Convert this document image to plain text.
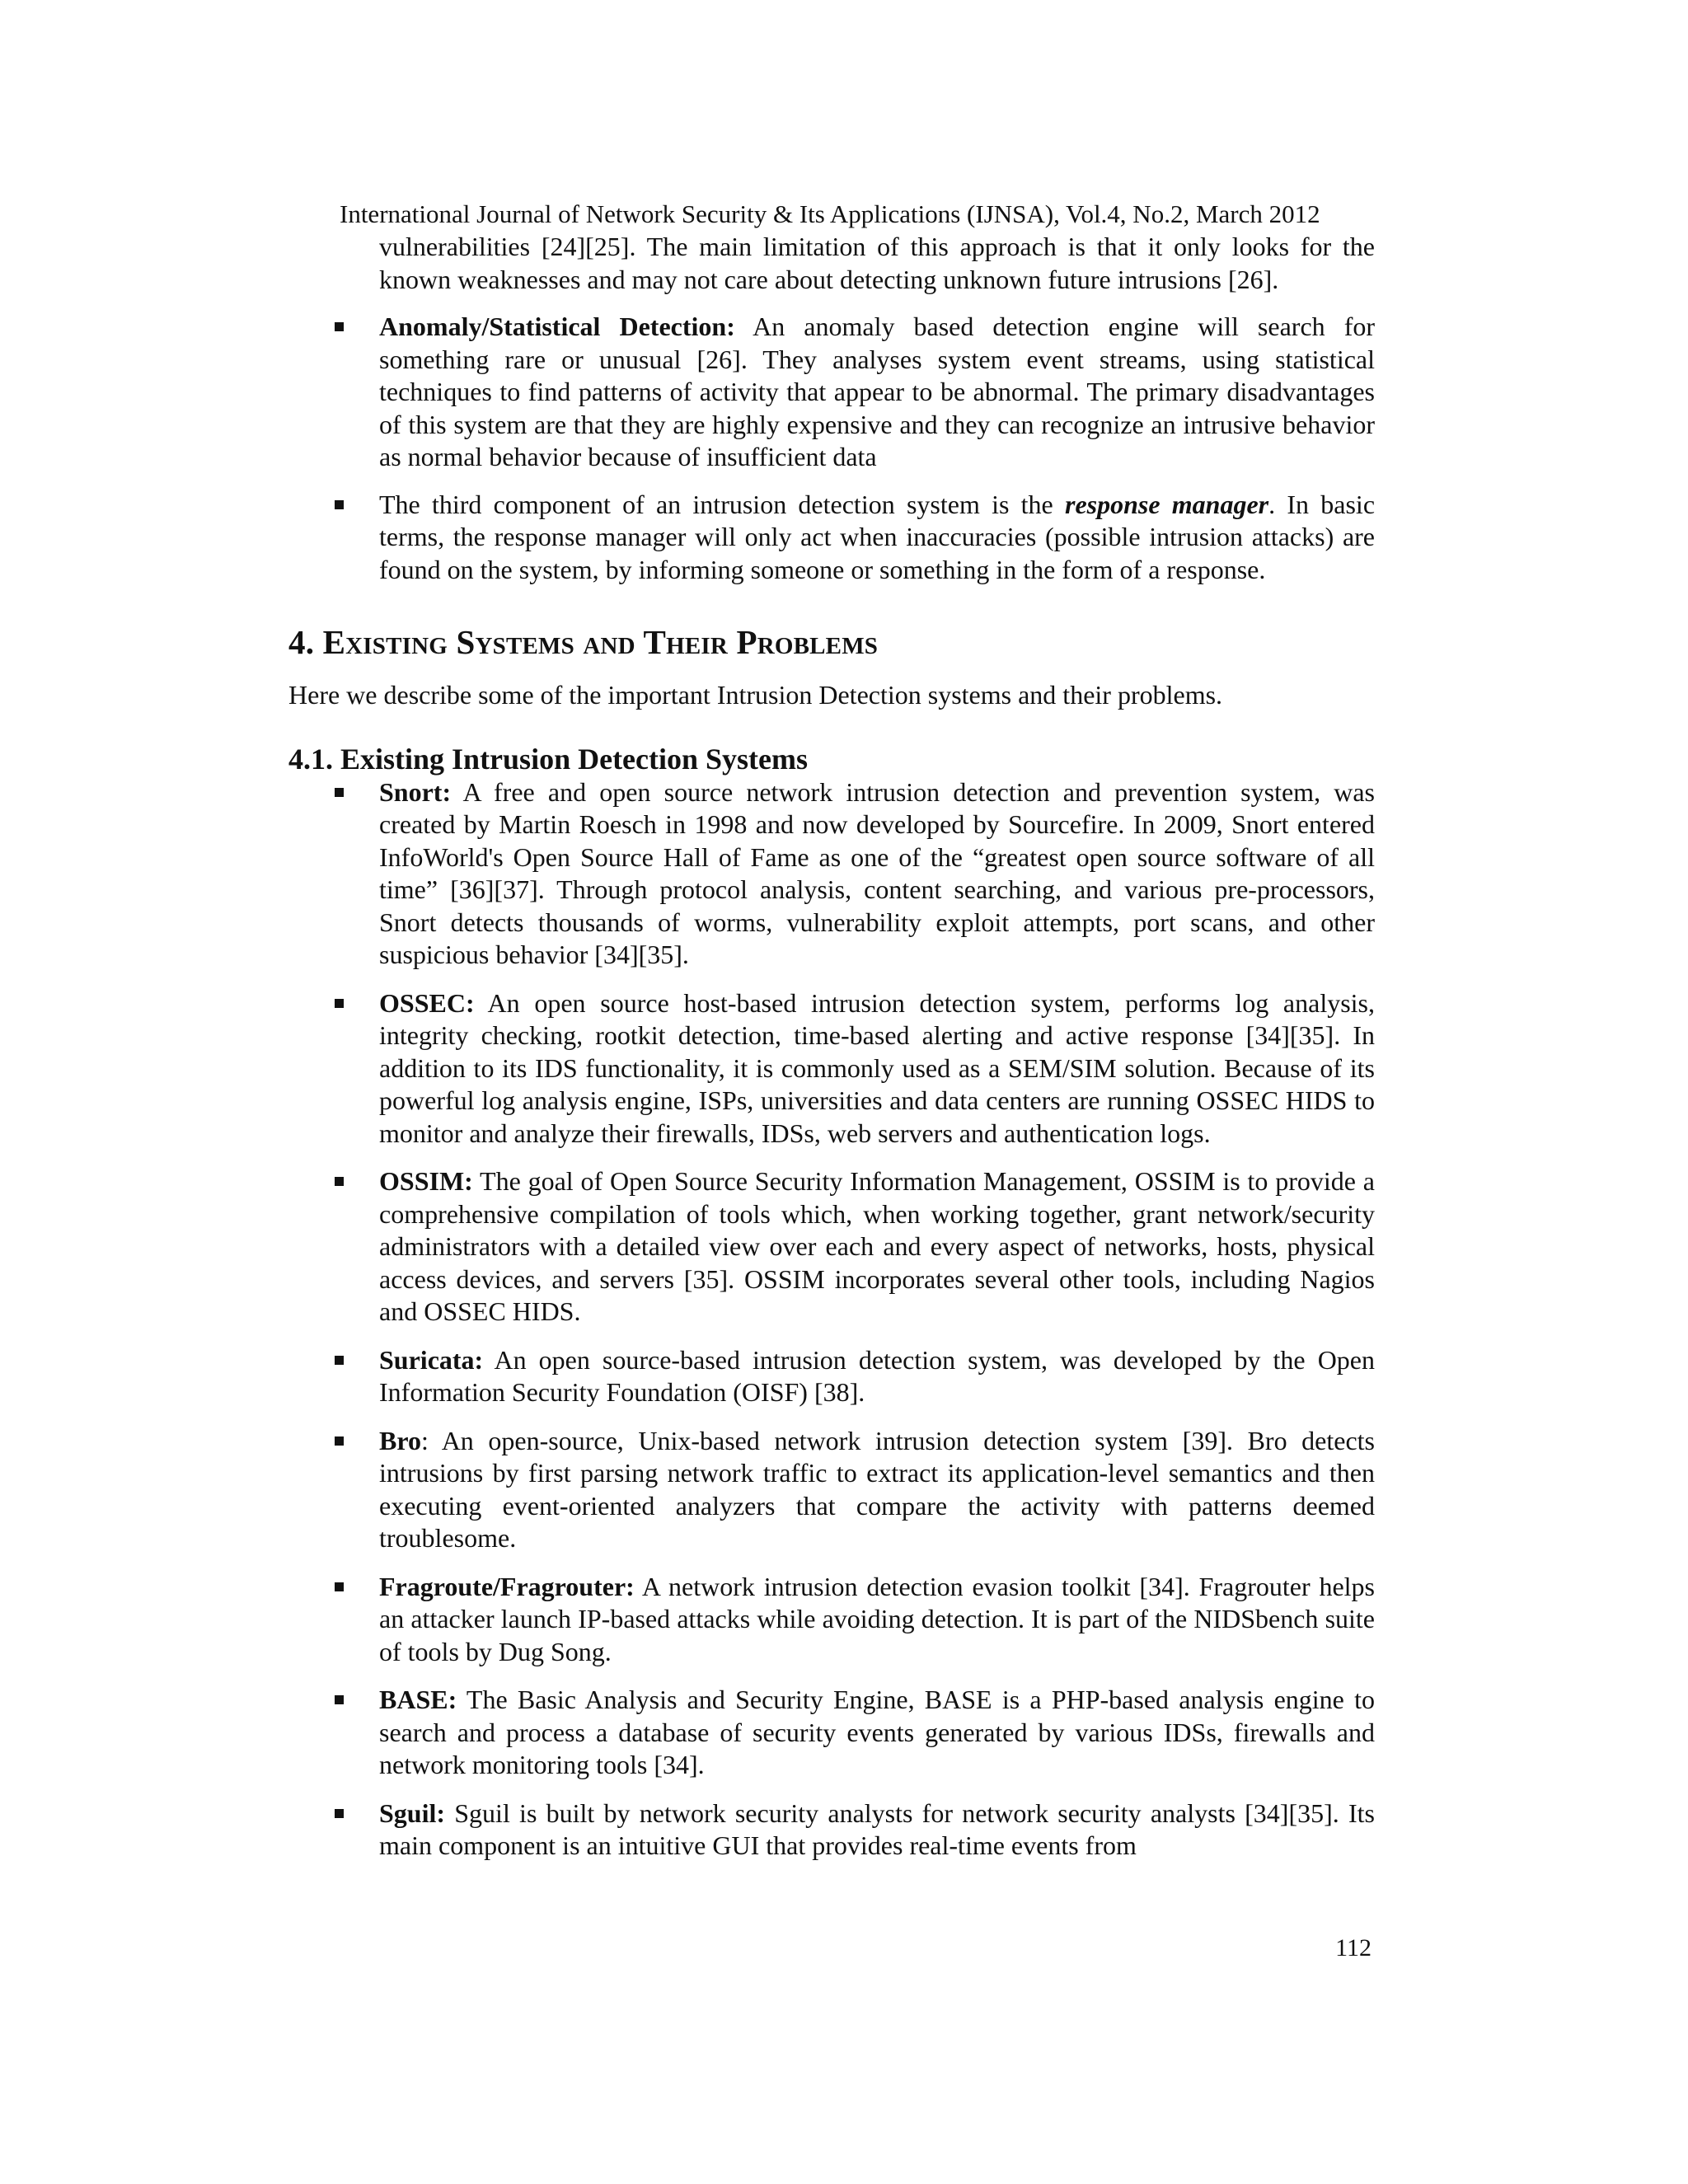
International Journal of Network Security & Its Applications (IJNSA), Vol.4, No.2, March 2012

vulnerabilities [24][25]. The main limitation of this approach is that it only looks for the known weaknesses and may not care about detecting unknown future intrusions [26].

Anomaly/Statistical Detection: An anomaly based detection engine will search for something rare or unusual [26]. They analyses system event streams, using statistical techniques to find patterns of activity that appear to be abnormal. The primary disadvantages of this system are that they are highly expensive and they can recognize an intrusive behavior as normal behavior because of insufficient data
The third component of an intrusion detection system is the response manager. In basic terms, the response manager will only act when inaccuracies (possible intrusion attacks) are found on the system, by informing someone or something in the form of a response.
4. Existing Systems and Their Problems

Here we describe some of the important Intrusion Detection systems and their problems.

4.1. Existing Intrusion Detection Systems
Snort: A free and open source network intrusion detection and prevention system, was created by Martin Roesch in 1998 and now developed by Sourcefire. In 2009, Snort entered InfoWorld's Open Source Hall of Fame as one of the “greatest open source software of all time” [36][37]. Through protocol analysis, content searching, and various pre-processors, Snort detects thousands of worms, vulnerability exploit attempts, port scans, and other suspicious behavior [34][35].
OSSEC: An open source host-based intrusion detection system, performs log analysis, integrity checking, rootkit detection, time-based alerting and active response [34][35]. In addition to its IDS functionality, it is commonly used as a SEM/SIM solution. Because of its powerful log analysis engine, ISPs, universities and data centers are running OSSEC HIDS to monitor and analyze their firewalls, IDSs, web servers and authentication logs.
OSSIM: The goal of Open Source Security Information Management, OSSIM is to provide a comprehensive compilation of tools which, when working together, grant network/security administrators with a detailed view over each and every aspect of networks, hosts, physical access devices, and servers [35]. OSSIM incorporates several other tools, including Nagios and OSSEC HIDS.
Suricata: An open source-based intrusion detection system, was developed by the Open Information Security Foundation (OISF) [38].
Bro: An open-source, Unix-based network intrusion detection system [39]. Bro detects intrusions by first parsing network traffic to extract its application-level semantics and then executing event-oriented analyzers that compare the activity with patterns deemed troublesome.
Fragroute/Fragrouter: A network intrusion detection evasion toolkit [34]. Fragrouter helps an attacker launch IP-based attacks while avoiding detection. It is part of the NIDSbench suite of tools by Dug Song.
BASE: The Basic Analysis and Security Engine, BASE is a PHP-based analysis engine to search and process a database of security events generated by various IDSs, firewalls and network monitoring tools [34].
Sguil: Sguil is built by network security analysts for network security analysts [34][35]. Its main component is an intuitive GUI that provides real-time events from
112
